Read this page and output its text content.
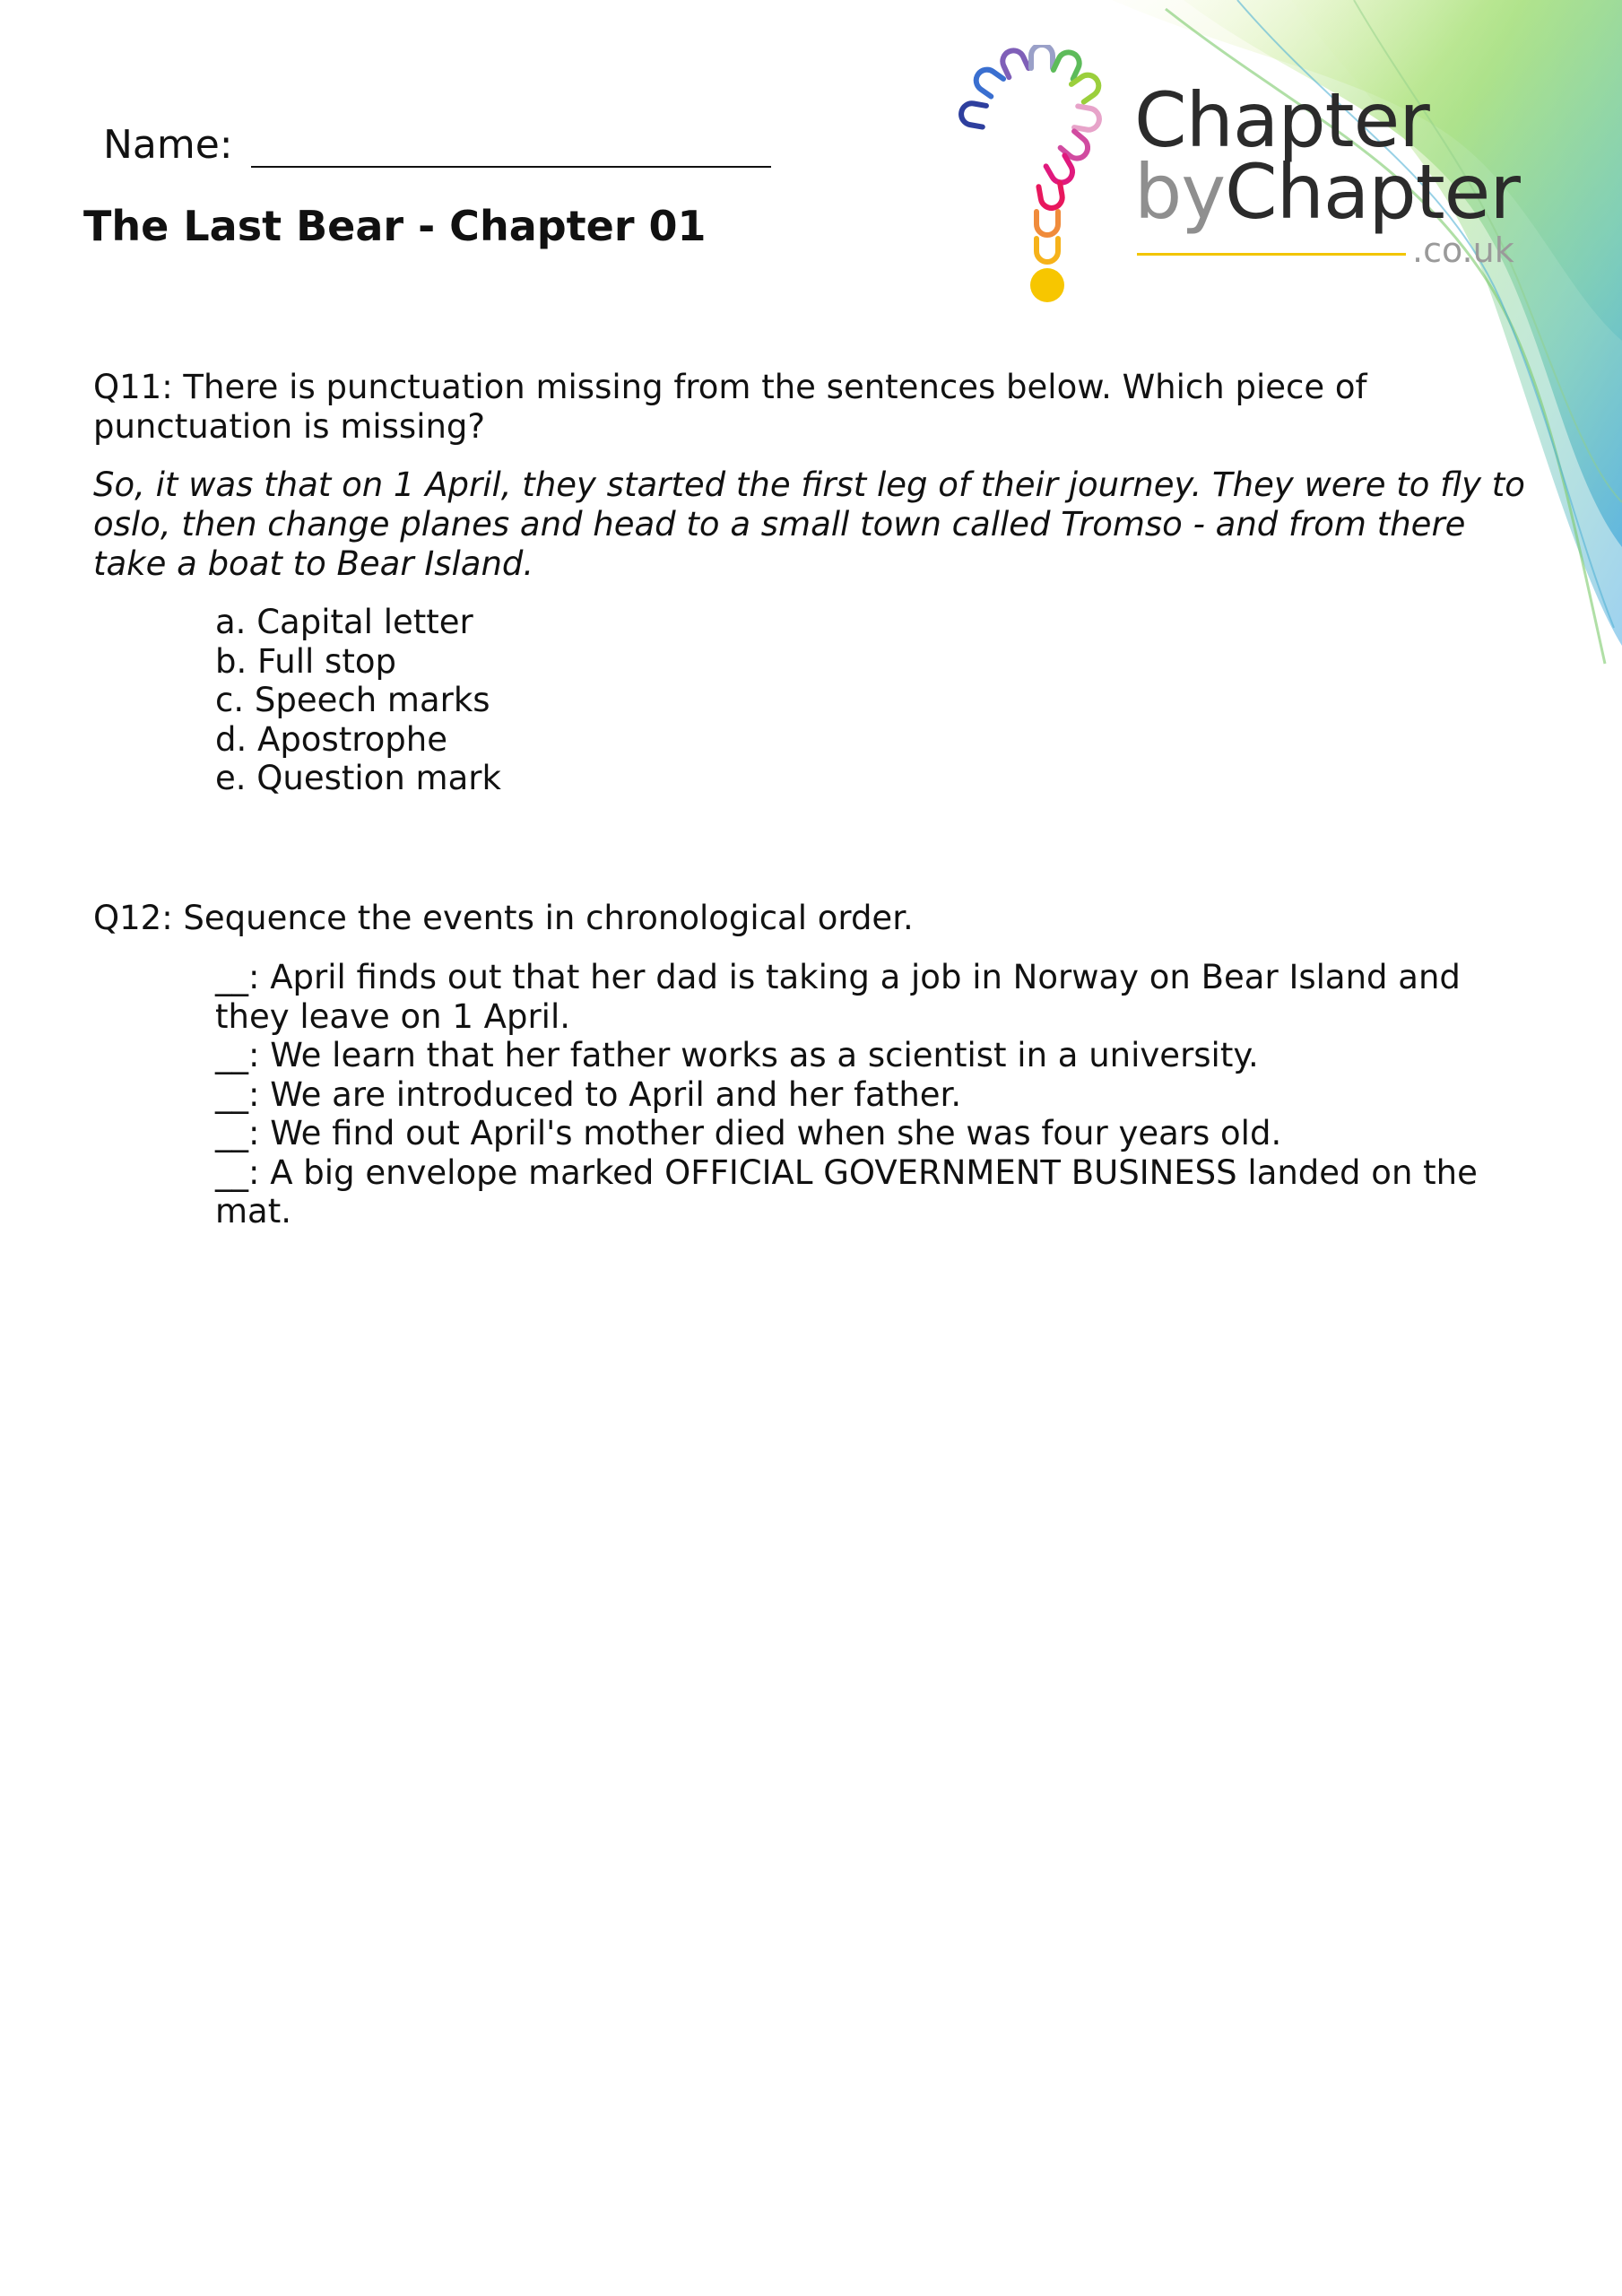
Chapter
byChapter
.co.uk
Name:
The Last Bear - Chapter 01
Q11: There is punctuation missing from the sentences below. Which piece of punctuation is missing?
So, it was that on 1 April, they started the first leg of their journey. They were to fly to oslo, then change planes and head to a small town called Tromso - and from there take a boat to Bear Island.
a. Capital letter
b. Full stop
c. Speech marks
d. Apostrophe
e. Question mark
Q12: Sequence the events in chronological order.
__: April finds out that her dad is taking a job in Norway on Bear Island and they leave on 1 April.
__: We learn that her father works as a scientist in a university.
__: We are introduced to April and her father.
__: We find out April's mother died when she was four years old.
__: A big envelope marked OFFICIAL GOVERNMENT BUSINESS landed on the mat.
